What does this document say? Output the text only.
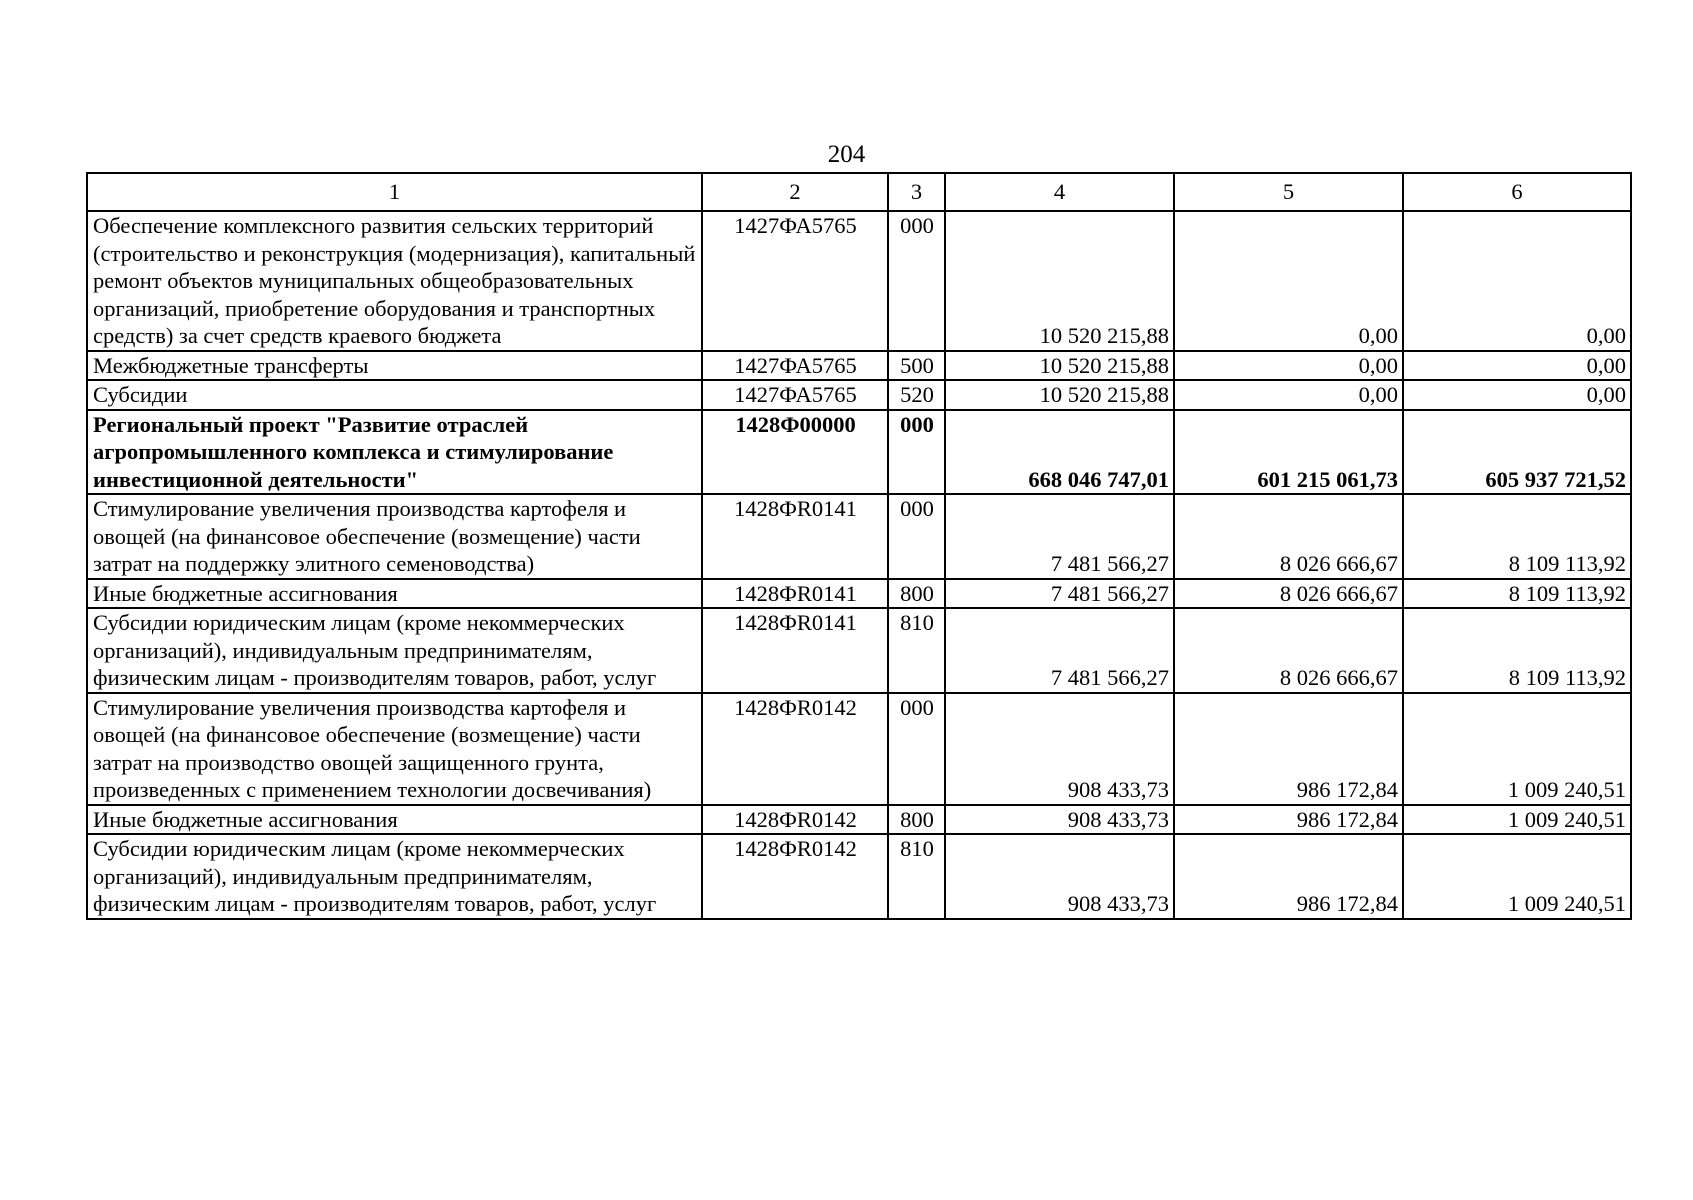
204
1	2	3	4	5	6
Обеспечение комплексного развития сельских территорий (строительство и реконструкция (модернизация), капитальный ремонт объектов муниципальных общеобразовательных организаций, приобретение оборудования и транспортных средств) за счет средств краевого бюджета	1427ФА5765	000	10 520 215,88	0,00	0,00
Межбюджетные трансферты	1427ФА5765	500	10 520 215,88	0,00	0,00
Субсидии	1427ФА5765	520	10 520 215,88	0,00	0,00
Региональный проект "Развитие отраслей агропромышленного комплекса и стимулирование инвестиционной деятельности"	1428Ф00000	000	668 046 747,01	601 215 061,73	605 937 721,52
Стимулирование увеличения производства картофеля и овощей (на финансовое обеспечение (возмещение) части затрат на поддержку элитного семеноводства)	1428ФR0141	000	7 481 566,27	8 026 666,67	8 109 113,92
Иные бюджетные ассигнования	1428ФR0141	800	7 481 566,27	8 026 666,67	8 109 113,92
Субсидии юридическим лицам (кроме некоммерческих организаций), индивидуальным предпринимателям, физическим лицам - производителям товаров, работ, услуг	1428ФR0141	810	7 481 566,27	8 026 666,67	8 109 113,92
Стимулирование увеличения производства картофеля и овощей (на финансовое обеспечение (возмещение) части затрат на производство овощей защищенного грунта, произведенных с применением технологии досвечивания)	1428ФR0142	000	908 433,73	986 172,84	1 009 240,51
Иные бюджетные ассигнования	1428ФR0142	800	908 433,73	986 172,84	1 009 240,51
Субсидии юридическим лицам (кроме некоммерческих организаций), индивидуальным предпринимателям, физическим лицам - производителям товаров, работ, услуг	1428ФR0142	810	908 433,73	986 172,84	1 009 240,51
